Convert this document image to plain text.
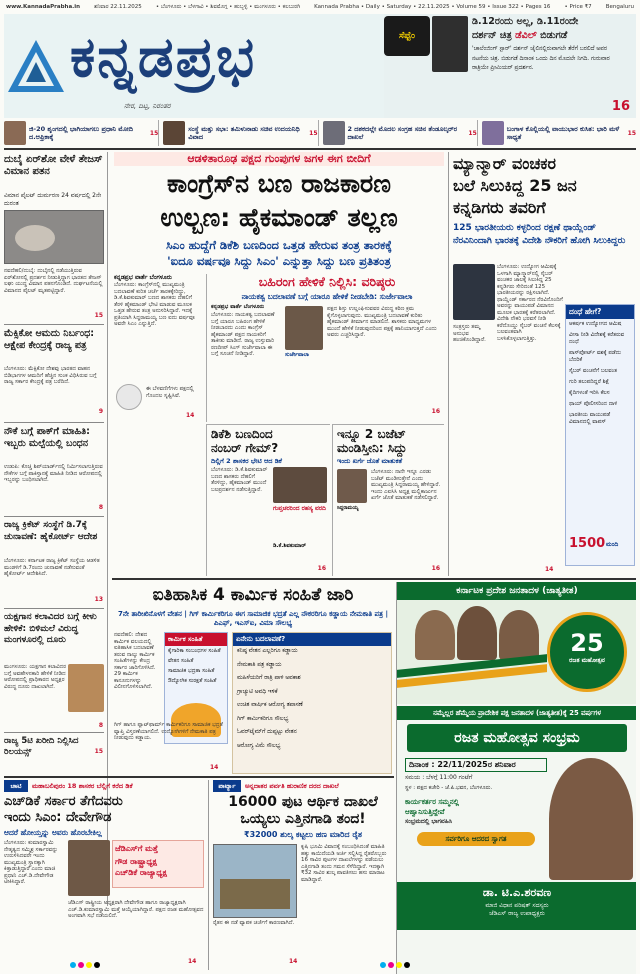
www.KannadaPrabha.in	ಶನಿವಾರ 22.11.2025	• ಬೆಂಗಳೂರು • ಬೆಳಗಾವಿ • ಶಿವಮೊಗ್ಗ • ಹುಬ್ಬಳ್ಳಿ • ಮಂಗಳೂರು • ಕಲಬುರಗಿ	Kannada Prabha • Daily • Saturday • 22.11.2025 • Volume 59 • Issue 322 • Pages 16	• Price ₹7	Bengaluru
ಕನ್ನಡಪ್ರಭ
ನೇರ, ದಿಟ್ಟ, ನಿರಂತರ
ಸೆಪ್ಟೆಂ
ಡಿ.12ರಂದು ಅಲ್ಲ, ಡಿ.11ರಂದೇ
ದರ್ಶನ್ ಚಿತ್ರ ಡೆವಿಲ್ ಬಿಡುಗಡೆ
'ಚಾಲೆಂಜಿಂಗ್ ಸ್ಟಾರ್' ದರ್ಶನ್ ಜೈಲಿನಲ್ಲಿರುವಾಗಲೇ ತೆರೆಗೆ ಬರಲಿದೆ ಅವರ ನಟನೆಯ ಚಿತ್ರ. ಬಿಡುಗಡೆ ದಿನಾಂಕ ಒಂದು ದಿನ ಮೊದಲೇ ನಿಗದಿ. ಗುರುವಾರ ರಾತ್ರಿಯೇ ಪ್ರೀಮಿಯರ್ ಪ್ರದರ್ಶನ.
16
ಜಿ-20 ಶೃಂಗದಲ್ಲಿ ಭಾಗಿಯಾಗಲು ಪ್ರಧಾನಿ ಮೋದಿ ದ.ಆಫ್ರಿಕಾಕ್ಕೆ	15	ಸಂಸ್ಥೆ ಮತ್ತು ಸಭಾ: ತಮಿಳುನಾಡು ಸಚಿವ ಉದಯನಿಧಿ ವಿವಾದ	15	2 ದಶಕದಲ್ಲೇ ಮೊದಲ ಸಂಗ್ರಹ ಸಚಿನ ತೆಂಡೂಲ್ಕರ್‌ರ ದಾಖಲೆ	15	ಬಂಗಾಳ ಕೊಲ್ಲಿಯಲ್ಲಿ ವಾಯುಭಾರ ಕುಸಿತ: ಭಾರಿ ಮಳೆ ಸಾಧ್ಯತೆ	15
ದುಬೈ ಏರ್‌ಶೋ ವೇಳೆ ತೇಜಸ್ ವಿಮಾನ ಪತನ
ವಿಮಾನ ಪೈಲಟ್ ದುರ್ಮರಣ 24 ವರ್ಷದಲ್ಲಿ 2ನೇ ದುರಂತ
ನವದೆಹಲಿ/ದುಬೈ: ದುಬೈನಲ್ಲಿ ನಡೆಯುತ್ತಿರುವ ಏರ್‌ಶೋನಲ್ಲಿ ಪ್ರದರ್ಶನ ನೀಡುತ್ತಿದ್ದಾಗ ಭಾರತದ ತೇಜಸ್ ಲಘು ಯುದ್ಧ ವಿಮಾನ ಪತನಗೊಂಡಿದೆ. ದುರ್ಘಟನೆಯಲ್ಲಿ ವಿಮಾನದ ಪೈಲಟ್ ಮೃತಪಟ್ಟಿದ್ದಾರೆ.
15
ಮೆಕ್ಸಿಕೋ ಆಮದು ನಿರ್ಬಂಧ: ಆಕ್ಷೇಪ ಕೇಂದ್ರಕ್ಕೆ ರಾಜ್ಯ ಪತ್ರ
ಬೆಂಗಳೂರು: ಮೆಕ್ಸಿಕೋ ದೇಶವು ಭಾರತದ ವಾಹನ ಬಿಡಿಭಾಗಗಳ ಆಮದಿಗೆ ಹೆಚ್ಚಿನ ಸುಂಕ ವಿಧಿಸಿರುವ ಬಗ್ಗೆ ರಾಜ್ಯ ಸರ್ಕಾರ ಕೇಂದ್ರಕ್ಕೆ ಪತ್ರ ಬರೆದಿದೆ.
9
ನೌಕೆ ಬಗ್ಗೆ ಪಾಕ್‌ಗೆ ಮಾಹಿತಿ: ಇಬ್ಬರು ಮಲ್ಪೆಯಲ್ಲಿ ಬಂಧನ
ಉಡುಪಿ: ಕೊಚ್ಚಿ ಶಿಪ್‌ಯಾರ್ಡ್‌ನಲ್ಲಿ ನಿರ್ಮಿಸಲಾಗುತ್ತಿರುವ ನೌಕೆಗಳ ಬಗ್ಗೆ ಪಾಕಿಸ್ತಾನಕ್ಕೆ ಮಾಹಿತಿ ನೀಡಿದ ಆರೋಪದಲ್ಲಿ ಇಬ್ಬರನ್ನು ಬಂಧಿಸಲಾಗಿದೆ.
8
ರಾಜ್ಯ ಕ್ರಿಕೆಟ್ ಸಂಸ್ಥೆಗೆ ಡಿ.7ಕ್ಕೆ ಚುನಾವಣೆ: ಹೈಕೋರ್ಟ್ ಆದೇಶ
ಬೆಂಗಳೂರು: ಕರ್ನಾಟಕ ರಾಜ್ಯ ಕ್ರಿಕೆಟ್ ಸಂಸ್ಥೆಯ ಆಡಳಿತ ಮಂಡಳಿಗೆ ಡಿ.7ರಂದು ಚುನಾವಣೆ ನಡೆಸುವಂತೆ ಹೈಕೋರ್ಟ್ ಆದೇಶಿಸಿದೆ.
13
ಯಕ್ಷಗಾನ ಕಲಾವಿದರ ಬಗ್ಗೆ ಕೀಳು ಹೇಳಿಕೆ: ಬಿಳಿಮಲೆ ವಿರುದ್ಧ ಮಂಗಳೂರಲ್ಲಿ ದೂರು
ಮಂಗಳೂರು: ಯಕ್ಷಗಾನ ಕಲಾವಿದರ ಬಗ್ಗೆ ಅವಹೇಳನಕಾರಿ ಹೇಳಿಕೆ ನೀಡಿದ ಆರೋಪದಲ್ಲಿ ಪ್ರಾಧಿಕಾರದ ಅಧ್ಯಕ್ಷರ ವಿರುದ್ಧ ದೂರು ದಾಖಲಾಗಿದೆ.
8
ರಾಜ್ಯ 5ಟಿ ಖರೀದಿ ನಿಲ್ಲಿಸಿದ ರಿಲಯನ್ಸ್	15
ಆಡಳಿತಾರೂಢ ಪಕ್ಷದ ಗುಂಪುಗಳ ಜಗಳ ಈಗ ಬೀದಿಗೆ
ಕಾಂಗ್ರೆಸ್‌ನ ಬಣ ರಾಜಕಾರಣ
ಉಲ್ಬಣ: ಹೈಕಮಾಂಡ್ ತಲ್ಲಣ
ಸಿಎಂ ಹುದ್ದೆಗೆ ಡಿಕೆಶಿ ಬಣದಿಂದ ಒತ್ತಡ ಹೇರುವ ತಂತ್ರ ತಾರಕಕ್ಕೆ
'ಐದೂ ವರ್ಷವೂ ಸಿದ್ದು ಸಿಎಂ' ಎನ್ನುತ್ತಾ ಸಿದ್ದು ಬಣ ಪ್ರತಿತಂತ್ರ
ಕನ್ನಡಪ್ರಭ ವಾರ್ತೆ ಬೆಂಗಳೂರು
ಬೆಂಗಳೂರು: ಕಾಂಗ್ರೆಸ್‌ನಲ್ಲಿ ಮುಖ್ಯಮಂತ್ರಿ ಬದಲಾವಣೆ ಕುರಿತ ಚರ್ಚೆ ತಾರಕಕ್ಕೇರಿದ್ದು, ಡಿ.ಕೆ.ಶಿವಕುಮಾರ್ ಬಣದ ಶಾಸಕರು ದೆಹಲಿಗೆ ತೆರಳಿ ಹೈಕಮಾಂಡ್ ಭೇಟಿ ಮಾಡುವ ಮೂಲಕ ಒತ್ತಡ ಹೇರುವ ತಂತ್ರ ಅನುಸರಿಸಿದ್ದಾರೆ. ಇದಕ್ಕೆ ಪ್ರತಿಯಾಗಿ ಸಿದ್ದರಾಮಯ್ಯ ಬಣ ಐದು ವರ್ಷವೂ ಅವರೇ ಸಿಎಂ ಎನ್ನುತ್ತಿದೆ.
ಈ ಬೆಳವಣಿಗೆಗಳು ಪಕ್ಷದಲ್ಲಿ ಗೊಂದಲ ಸೃಷ್ಟಿಸಿವೆ.
14
ಬಹಿರಂಗ ಹೇಳಿಕೆ ನಿಲ್ಲಿಸಿ: ವರಿಷ್ಠರು
ನಾಯಕತ್ವ ಬದಲಾವಣೆ ಬಗ್ಗೆ ಯಾರೂ ಹೇಳಿಕೆ ನೀಡಬೇಡಿ: ಸುರ್ಜೇವಾಲಾ
ಕನ್ನಡಪ್ರಭ ವಾರ್ತೆ ಬೆಂಗಳೂರು
ಬೆಂಗಳೂರು: ನಾಯಕತ್ವ ಬದಲಾವಣೆ ಬಗ್ಗೆ ಯಾರೂ ಬಹಿರಂಗ ಹೇಳಿಕೆ ನೀಡಬಾರದು ಎಂದು ಕಾಂಗ್ರೆಸ್ ಹೈಕಮಾಂಡ್ ಪಕ್ಷದ ನಾಯಕರಿಗೆ ತಾಕೀತು ಮಾಡಿದೆ. ರಾಜ್ಯ ಉಸ್ತುವಾರಿ ರಣದೀಪ್ ಸಿಂಗ್ ಸುರ್ಜೇವಾಲಾ ಈ ಬಗ್ಗೆ ಸೂಚನೆ ನೀಡಿದ್ದಾರೆ.	ಸುರ್ಜೇವಾಲಾ
ಪಕ್ಷದ ಶಿಸ್ತು ಉಲ್ಲಂಘಿಸುವವರ ವಿರುದ್ಧ ಕಠಿಣ ಕ್ರಮ ಕೈಗೊಳ್ಳಲಾಗುವುದು. ಮುಖ್ಯಮಂತ್ರಿ ಬದಲಾವಣೆ ಕುರಿತು ಹೈಕಮಾಂಡ್ ತೀರ್ಮಾನ ಮಾಡಲಿದೆ. ಶಾಸಕರು ಮಾಧ್ಯಮಗಳ ಮುಂದೆ ಹೇಳಿಕೆ ನೀಡುವುದರಿಂದ ಪಕ್ಷಕ್ಕೆ ಹಾನಿಯಾಗುತ್ತದೆ ಎಂದು ಅವರು ಎಚ್ಚರಿಸಿದ್ದಾರೆ.
16
ಡಿಕೆಶಿ ಬಣದಿಂದ
ನಂಬರ್ ಗೇಮ್?
ದಿಲ್ಲಿಗೆ 2 ಶಾಸಕರ ಭೇಟಿ ಆದ ಡಿಕೆ
ಬೆಂಗಳೂರು: ಡಿ.ಕೆ.ಶಿವಕುಮಾರ್ ಬಣದ ಶಾಸಕರು ದೆಹಲಿಗೆ ತೆರಳಿದ್ದು, ಹೈಕಮಾಂಡ್ ಮುಂದೆ ಬಲಪ್ರದರ್ಶನ ನಡೆಸುತ್ತಿದ್ದಾರೆ.
ಗುಪ್ತಚರರಿಂದ ರಹಸ್ಯ ವರದಿ
ಡಿ.ಕೆ.ಶಿವಕುಮಾರ್
16
ಇನ್ನೂ 2 ಬಜೆಟ್
ಮಂಡಿಸ್ತೀನಿ: ಸಿದ್ದು
ಇಂದು ಖರ್ಗೆ ಜೊತೆ ಮಾತುಕತೆ
ಬೆಂಗಳೂರು: ನಾನೇ ಇನ್ನೂ ಎರಡು ಬಜೆಟ್ ಮಂಡಿಸುತ್ತೇನೆ ಎಂದು ಮುಖ್ಯಮಂತ್ರಿ ಸಿದ್ದರಾಮಯ್ಯ ಹೇಳಿದ್ದಾರೆ. ಇಂದು ಎಐಸಿಸಿ ಅಧ್ಯಕ್ಷ ಮಲ್ಲಿಕಾರ್ಜುನ ಖರ್ಗೆ ಜೊತೆ ಮಾತುಕತೆ ನಡೆಸಲಿದ್ದಾರೆ.
ಸಿದ್ದರಾಮಯ್ಯ
16
ಮ್ಯಾನ್ಮಾರ್ ವಂಚಕರ
ಬಲೆ ಸಿಲುಕಿದ್ದ 25 ಜನ
ಕನ್ನಡಿಗರು ತವರಿಗೆ
125 ಭಾರತೀಯರು ಕಳ್ಳರಿಂದ ರಕ್ಷಣೆ ಥಾಯ್ಲೆಂಡ್ ನೆರವಿನಿಂದಾಗಿ ಭಾರತಕ್ಕೆ ವಿದೇಶಿ ನೌಕರಿಗೆ ಹೋಗಿ ಸಿಲುಕಿದ್ದರು
ಬೆಂಗಳೂರು: ಉದ್ಯೋಗ ಆಮಿಷಕ್ಕೆ ಒಳಗಾಗಿ ಮ್ಯಾನ್ಮಾರ್‌ನಲ್ಲಿ ಸೈಬರ್ ವಂಚಕರ ಜಾಲಕ್ಕೆ ಸಿಲುಕಿದ್ದ 25 ಕನ್ನಡಿಗರು ಸೇರಿದಂತೆ 125 ಭಾರತೀಯರನ್ನು ರಕ್ಷಿಸಲಾಗಿದೆ. ಥಾಯ್ಲೆಂಡ್ ಸರ್ಕಾರದ ನೆರವಿನೊಂದಿಗೆ ಅವರನ್ನು ವಾಯುಪಡೆ ವಿಮಾನದ ಮೂಲಕ ಭಾರತಕ್ಕೆ ಕರೆತರಲಾಗಿದೆ. ವಿದೇಶಿ ನೌಕರಿ ಭರವಸೆ ನೀಡಿ ಕರೆದೊಯ್ದು ಸೈಬರ್ ವಂಚನೆ ಕೆಲಸಕ್ಕೆ ಬಲವಂತವಾಗಿ ಬಳಸಿಕೊಳ್ಳಲಾಗುತ್ತಿತ್ತು.
ಸಂತ್ರಸ್ತರು ತಮ್ಮ ಅನುಭವ ಹಂಚಿಕೊಂಡಿದ್ದಾರೆ.
ದಂಧೆ ಹೇಗೆ?
ಆಕರ್ಷಕ ಉದ್ಯೋಗದ ಆಮಿಷ
ವೀಸಾ ನೀಡಿ ವಿದೇಶಕ್ಕೆ ಕರೆತರುವ ದಂಧೆ
ಪಾಸ್‌ಪೋರ್ಟ್ ವಶಕ್ಕೆ ಪಡೆದು ಬೆದರಿಕೆ
ಸೈಬರ್ ವಂಚನೆಗೆ ಬಲವಂತ
ಗುರಿ ತಲುಪದಿದ್ದರೆ ಶಿಕ್ಷೆ
ಕೈದಿಗಳಂತೆ ಇರಿಸಿ ಕೆಲಸ
ಥಾಯ್ ಪೊಲೀಸರಿಂದ ದಾಳಿ
ಭಾರತೀಯ ವಾಯುಪಡೆ ವಿಮಾನದಲ್ಲಿ ವಾಪಸ್
1500 ಮಂದಿ
14
ಐತಿಹಾಸಿಕ 4 ಕಾರ್ಮಿಕ ಸಂಹಿತೆ ಜಾರಿ
7ನೇ ತಾರೀಖಿನೊಳಗೆ ವೇತನ | ಗಿಗ್ ಕಾರ್ಮಿಕರಿಗೂ ಈಗ ಸಾಮಾಜಿಕ ಭದ್ರತೆ ಎಲ್ಲ ನೌಕರರಿಗೂ ಕಡ್ಡಾಯ ನೇಮಕಾತಿ ಪತ್ರ | ಪಿಎಫ್, ಇಎಸ್ಐ, ವಿಮಾ ಸೌಲಭ್ಯ
ನವದೆಹಲಿ: ದೇಶದ ಕಾರ್ಮಿಕ ವಲಯದಲ್ಲಿ ಐತಿಹಾಸಿಕ ಬದಲಾವಣೆ ತರುವ ನಾಲ್ಕು ಕಾರ್ಮಿಕ ಸಂಹಿತೆಗಳನ್ನು ಕೇಂದ್ರ ಸರ್ಕಾರ ಜಾರಿಗೊಳಿಸಿದೆ. 29 ಕಾರ್ಮಿಕ ಕಾನೂನುಗಳನ್ನು ವಿಲೀನಗೊಳಿಸಲಾಗಿದೆ.
ಕಾರ್ಮಿಕ ಸಂಹಿತೆ
ಕೈಗಾರಿಕಾ ಸಂಬಂಧಗಳ ಸಂಹಿತೆ
ವೇತನ ಸಂಹಿತೆ
ಸಾಮಾಜಿಕ ಭದ್ರತಾ ಸಂಹಿತೆ
ಔದ್ಯೋಗಿಕ ಸುರಕ್ಷತೆ ಸಂಹಿತೆ
ಏನೇನು ಬದಲಾವಣೆ?
ಕನಿಷ್ಠ ವೇತನ ಎಲ್ಲರಿಗೂ ಕಡ್ಡಾಯ
ನೇಮಕಾತಿ ಪತ್ರ ಕಡ್ಡಾಯ
ಮಹಿಳೆಯರಿಗೆ ರಾತ್ರಿ ಪಾಳಿ ಅವಕಾಶ
ಗ್ರಾಚ್ಯುಟಿ ಅವಧಿ ಇಳಿಕೆ
ಉಚಿತ ವಾರ್ಷಿಕ ಆರೋಗ್ಯ ತಪಾಸಣೆ
ಗಿಗ್ ಕಾರ್ಮಿಕರಿಗೂ ಸೌಲಭ್ಯ
ಓವರ್‌ಟೈಮ್‌ಗೆ ದುಪ್ಪಟ್ಟು ವೇತನ
ಆರೋಗ್ಯ ವಿಮೆ ಸೌಲಭ್ಯ
ಗಿಗ್ ಹಾಗೂ ಪ್ಲಾಟ್‌ಫಾರ್ಮ್ ಕಾರ್ಮಿಕರಿಗೂ ಸಾಮಾಜಿಕ ಭದ್ರತೆ ವ್ಯಾಪ್ತಿ ವಿಸ್ತರಣೆಯಾಗಲಿದೆ. ಉದ್ಯೋಗಿಗಳಿಗೆ ನೇಮಕಾತಿ ಪತ್ರ ನೀಡುವುದು ಕಡ್ಡಾಯ.
14
ಕರ್ನಾಟಕ ಪ್ರದೇಶ ಜನತಾದಳ (ಜಾತ್ಯತೀತ)
25
ರಜತ ಮಹೋತ್ಸವ
ನಮ್ಮೆಲ್ಲರ ಹೆಮ್ಮೆಯ ಪ್ರಾದೇಶಿಕ ಪಕ್ಷ ಜನತಾದಳ (ಜಾತ್ಯತೀತ)ಕ್ಕೆ 25 ವರ್ಷಗಳ
ರಜತ ಮಹೋತ್ಸವ ಸಂಭ್ರಮ
ದಿನಾಂಕ : 22/11/2025ರ ಶನಿವಾರ
ಸಮಯ : ಬೆಳಗ್ಗೆ 11:00 ಗಂಟೆಗೆ
ಸ್ಥಳ : ಪಕ್ಷದ ಕಚೇರಿ - ಜೆ.ಪಿ.ಭವನ, ಬೆಂಗಳೂರು.
ಕಾರ್ಯಕರ್ತರ ಸಮ್ಮನಲ್ಲಿ
ಆಹ್ವಾನಿಸುತ್ತಿದ್ದೇವೆ
ಸಂಭ್ರಮದಲ್ಲಿ ಭಾಗವಹಿಸಿ
ಸರ್ವರಿಗೂ ಆದರದ ಸ್ವಾಗತ
ಡಾ. ಟಿ.ಎ.ಶರವಣ
ಮಾಜಿ ವಿಧಾನ ಪರಿಷತ್ ಸದಸ್ಯರು
ಜೆಡಿಎಸ್ ರಾಜ್ಯ ಉಪಾಧ್ಯಕ್ಷರು
ಚಾಟಿ	ಮಹಾಬಲಿಪುರಂ 18 ಶಾಸಕರ ಬೆಲ್ಲಿಗೆ ಕರೆದ ಡಿಕೆ
ಎಚ್‌ಡಿಕೆ ಸರ್ಕಾರ ತೆಗೆದವರು
ಇಂದು ಸಿಎಂ: ದೇವೇಗೌಡ
ಆದರೆ ಹೋಯ್ತನ್ನು ಅವರು ಹೊರಬೇಕಿಲ್ಲ
ಬೆಂಗಳೂರು: ಕುಮಾರಸ್ವಾಮಿ ನೇತೃತ್ವದ ಸಮ್ಮಿಶ್ರ ಸರ್ಕಾರವನ್ನು ಉರುಳಿಸಿದವರೇ ಇಂದು ಮುಖ್ಯಮಂತ್ರಿ ಸ್ಥಾನಕ್ಕಾಗಿ ಕಿತ್ತಾಡುತ್ತಿದ್ದಾರೆ ಎಂದು ಮಾಜಿ ಪ್ರಧಾನಿ ಎಚ್.ಡಿ.ದೇವೇಗೌಡ ಟೀಕಿಸಿದ್ದಾರೆ.
ಜೆಡಿಎಸ್‌ಗೆ ಮತ್ತೆ
ಗೌಡ ರಾಷ್ಟ್ರಾಧ್ಯಕ್ಷ
ಎಚ್‌ಡಿಕೆ ರಾಜ್ಯಾಧ್ಯಕ್ಷ
ಜೆಡಿಎಸ್ ರಾಷ್ಟ್ರೀಯ ಅಧ್ಯಕ್ಷರಾಗಿ ದೇವೇಗೌಡ ಹಾಗೂ ರಾಜ್ಯಾಧ್ಯಕ್ಷರಾಗಿ ಎಚ್.ಡಿ.ಕುಮಾರಸ್ವಾಮಿ ಮತ್ತೆ ಆಯ್ಕೆಯಾಗಿದ್ದಾರೆ. ಪಕ್ಷದ ರಜತ ಮಹೋತ್ಸವದ ಅಂಗವಾಗಿ ಸಭೆ ನಡೆಯಲಿದೆ.
14
ಪಾರ್ಟ್ಯಾ	ಅನ್ನದಾತರ ಪರ್ವತಿ ಹುರಾಣಿಕ ದರದ ದಾಖಲೆ
16000 ಪುಟ ಆರ್ಥಿಕ ದಾಖಲೆ
ಒಯ್ಯಲು ಎತ್ತಿನಗಾಡಿ ತಂದ!
₹32000 ಶುಲ್ಕ ಕಟ್ಟಲು ಹಣ ಮಾರಿದ ರೈತ
ಕೃಷಿ ಭೂಮಿ ವಿವಾದಕ್ಕೆ ಸಂಬಂಧಿಸಿದಂತೆ ಮಾಹಿತಿ ಹಕ್ಕು ಕಾಯಿದೆಯಡಿ ಅರ್ಜಿ ಸಲ್ಲಿಸಿದ್ದ ರೈತರೊಬ್ಬರು 16 ಸಾವಿರ ಪುಟಗಳ ದಾಖಲೆಗಳನ್ನು ಪಡೆಯಲು ಎತ್ತಿನಗಾಡಿ ತಂದು ಗಮನ ಸೆಳೆದಿದ್ದಾರೆ. ಇದಕ್ಕಾಗಿ ₹32 ಸಾವಿರ ಶುಲ್ಕ ಪಾವತಿಸಲು ಹಸು ಮಾರಾಟ ಮಾಡಿದ್ದಾರೆ.
ರೈತನ ಈ ನಡೆ ವ್ಯಾಪಕ ಚರ್ಚೆಗೆ ಕಾರಣವಾಗಿದೆ.
14
